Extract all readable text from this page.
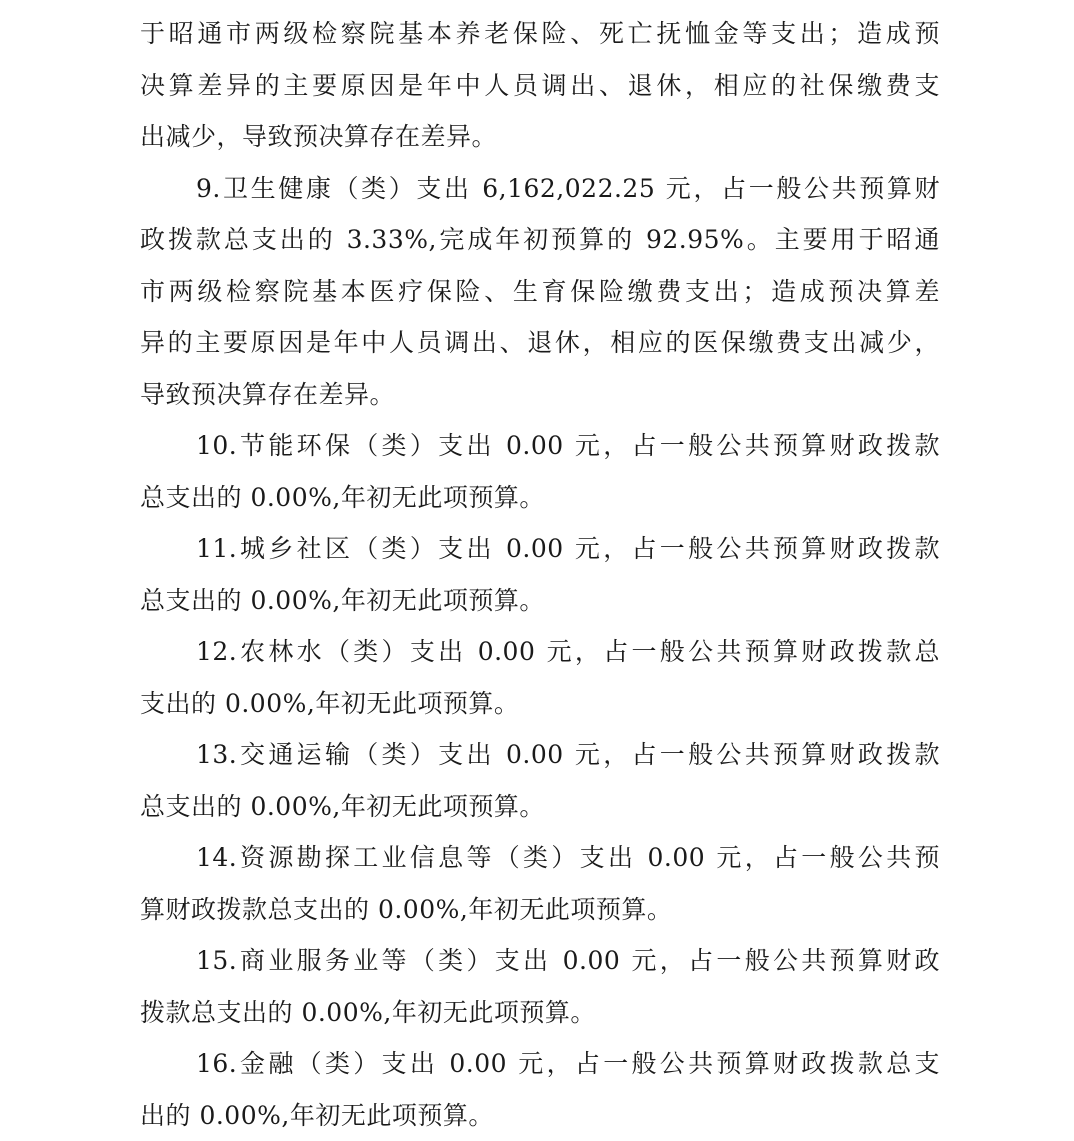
于昭通市两级检察院基本养老保险、死亡抚恤金等支出；造成预
决算差异的主要原因是年中人员调出、退休，相应的社保缴费支
出减少，导致预决算存在差异。
9.卫生健康（类）支出 6,162,022.25 元，占一般公共预算财
政拨款总支出的 3.33%,完成年初预算的 92.95%。主要用于昭通
市两级检察院基本医疗保险、生育保险缴费支出；造成预决算差
异的主要原因是年中人员调出、退休，相应的医保缴费支出减少，
导致预决算存在差异。
10.节能环保（类）支出 0.00 元，占一般公共预算财政拨款
总支出的 0.00%,年初无此项预算。
11.城乡社区（类）支出 0.00 元，占一般公共预算财政拨款
总支出的 0.00%,年初无此项预算。
12.农林水（类）支出 0.00 元，占一般公共预算财政拨款总
支出的 0.00%,年初无此项预算。
13.交通运输（类）支出 0.00 元，占一般公共预算财政拨款
总支出的 0.00%,年初无此项预算。
14.资源勘探工业信息等（类）支出 0.00 元，占一般公共预
算财政拨款总支出的 0.00%,年初无此项预算。
15.商业服务业等（类）支出 0.00 元，占一般公共预算财政
拨款总支出的 0.00%,年初无此项预算。
16.金融（类）支出 0.00 元，占一般公共预算财政拨款总支
出的 0.00%,年初无此项预算。
